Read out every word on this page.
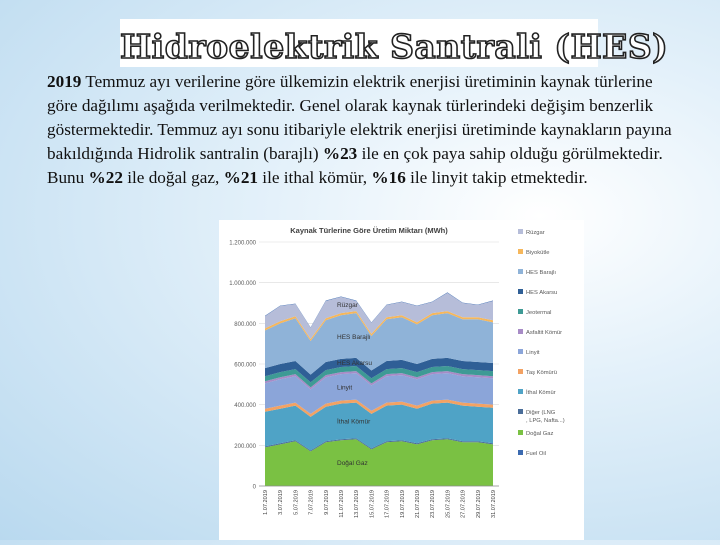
Hidroelektrik Santrali (HES)

2019 Temmuz ayı verilerine göre ülkemizin elektrik enerjisi üretiminin kaynak türlerine göre dağılımı aşağıda verilmektedir. Genel olarak kaynak türlerindeki değişim benzerlik göstermektedir. Temmuz ayı sonu itibariyle elektrik enerjisi üretiminde kaynakların payına bakıldığında Hidrolik santralin (barajlı) %23 ile en çok paya sahip olduğu görülmektedir. Bunu %22 ile doğal gaz, %21 ile ithal kömür, %16 ile linyit takip etmektedir.

Kaynak Türlerine Göre Üretim Miktarı (MWh)
0
200.000
400.000
600.000
800.000
1.000.000
1.200.000
Doğal Gaz
İthal Kömür
Linyit
HES Akarsu
HES Barajlı
Rüzgar
1.07.2019 3.07.2019 5.07.2019 7.07.2019 9.07.2019 11.07.2019 13.07.2019 15.07.2019 17.07.2019 19.07.2019 21.07.2019 23.07.2019 25.07.2019 27.07.2019 29.07.2019 31.07.2019
Rüzgar
Biyokütle
HES Barajlı
HES Akarsu
Jeotermal
Asfaltit Kömür
Linyit
Taş Kömürü
İthal Kömür
Diğer (LNG
, LPG, Nafta...)
Doğal Gaz
Fuel Oil
